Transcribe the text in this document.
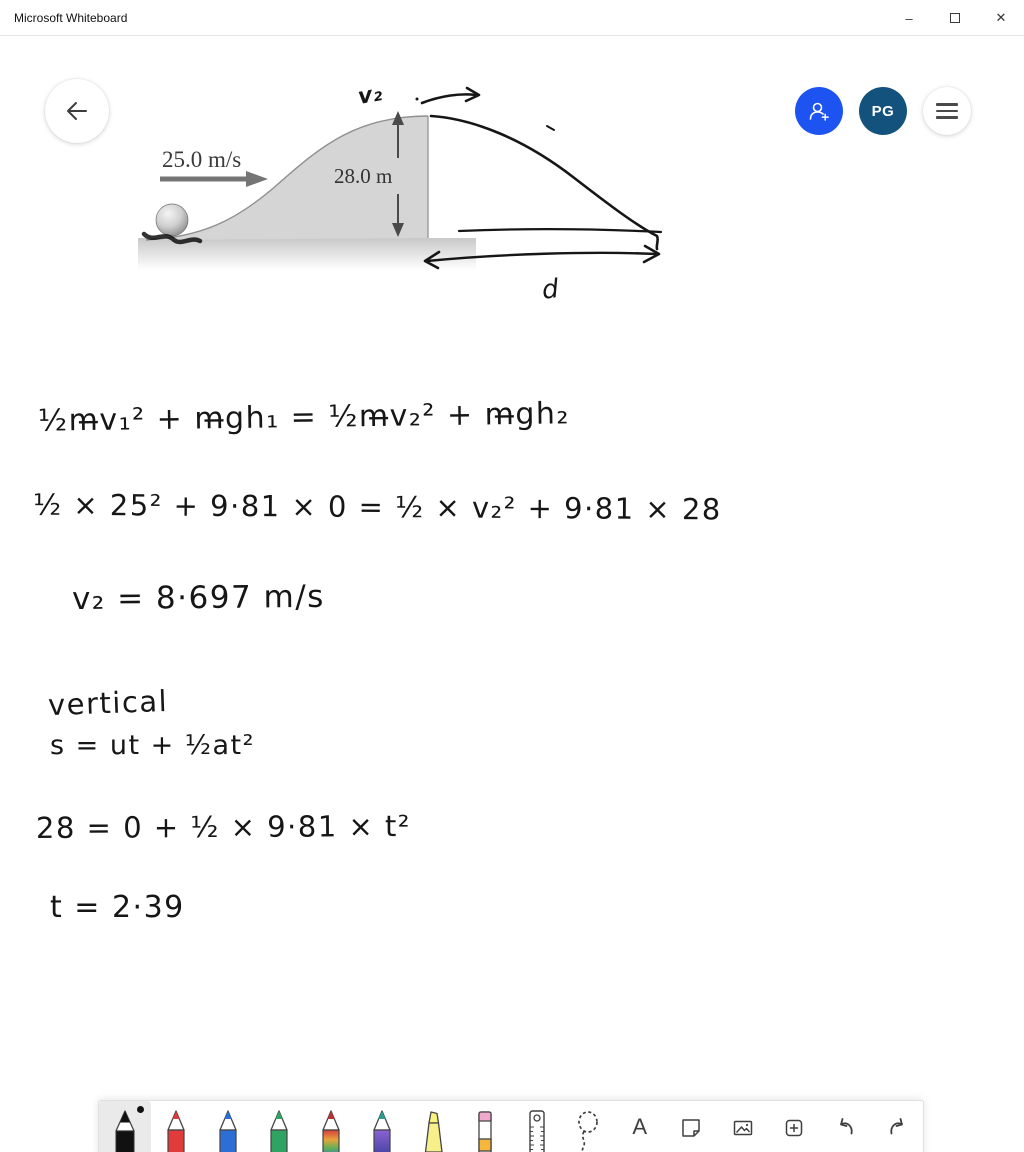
Microsoft Whiteboard	–	✕
PG
25.0 m/s
28.0 m
v₂
d
½m̶v₁² + m̶gh₁ = ½m̶v₂² + m̶gh₂
½ × 25² + 9·81 × 0 = ½ × v₂² + 9·81 × 28
v₂ = 8·697 m/s
vertical
s = ut + ½at²
28 = 0 + ½ × 9·81 × t²
t = 2·39
A
